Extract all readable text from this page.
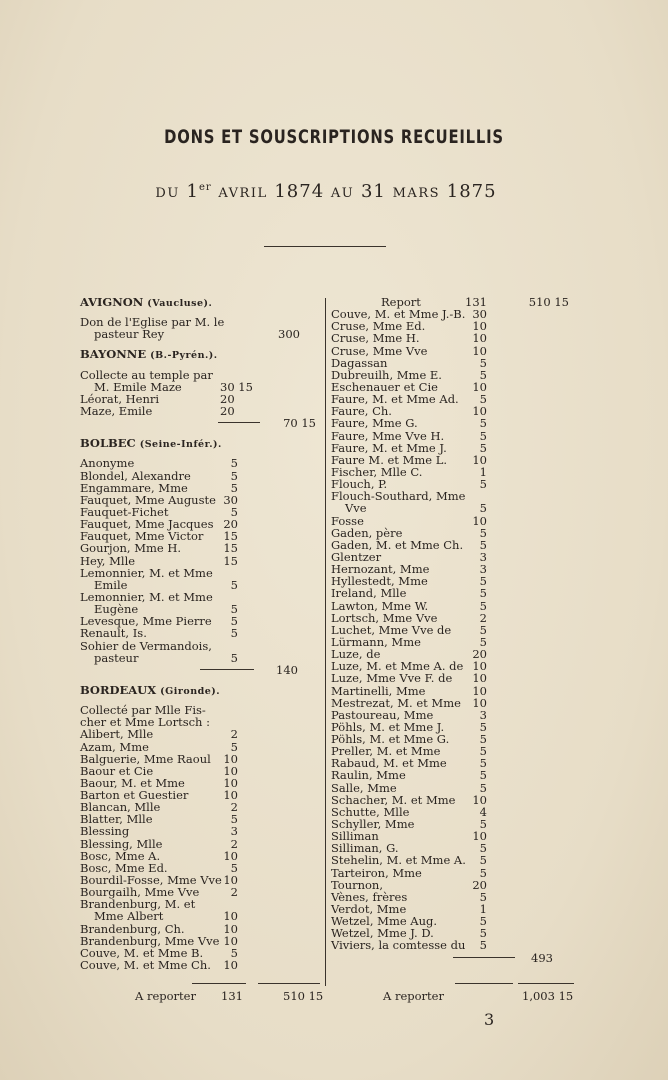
DONS ET SOUSCRIPTIONS RECUEILLIS
DU 1er AVRIL 1874 AU 31 MARS 1875
AVIGNON (Vaucluse).
Don de l'Eglise par M. le
pasteur Rey	300
BAYONNE (B.-Pyrén.).
Collecte au temple par
M. Emile Maze	30 15
Léorat, Henri	20
Maze, Emile	20
70 15
BOLBEC (Seine-Infér.).
Anonyme	5
Blondel, Alexandre	5
Engammare, Mme	5
Fauquet, Mme Auguste 30
Fauquet-Fichet	5
Fauquet, Mme Jacques 20
Fauquet, Mme Victor	15
Gourjon, Mme H.	15
Hey, Mlle	15
Lemonnier, M. et Mme
Emile	5
Lemonnier, M. et Mme
Eugène	5
Levesque, Mme Pierre	5
Renault, Is.	5
Sohier de Vermandois,
pasteur	5
140
BORDEAUX (Gironde).
Collecté par Mlle Fis-
cher et Mme Lortsch :
Alibert, Mlle	2
Azam, Mme	5
Balguerie, Mme Raoul	10
Baour et Cie	10
Baour, M. et Mme	10
Barton et Guestier	10
Blancan, Mlle	2
Blatter, Mlle	5
Blessing	3
Blessing, Mlle	2
Bosc, Mme A.	10
Bosc, Mme Ed.	5
Bourdil-Fosse, Mme Vve 10
Bourgailh, Mme Vve	2
Brandenburg, M. et
Mme Albert	10
Brandenburg, Ch.	10
Brandenburg, Mme Vve 10
Couve, M. et Mme B.	5
Couve, M. et Mme Ch.	10
A reporter 131	510 15
Report	131	510 15
Couve, M. et Mme J.-B. 30
Cruse, Mme Ed.	10
Cruse, Mme H.	10
Cruse, Mme Vve	10
Dagassan	5
Dubreuilh, Mme E.	5
Eschenauer et Cie	10
Faure, M. et Mme Ad.	5
Faure, Ch.	10
Faure, Mme G.	5
Faure, Mme Vve H.	5
Faure, M. et Mme J.	5
Faure M. et Mme L.	10
Fischer, Mlle C.	1
Flouch, P.	5
Flouch-Southard, Mme
Vve	5
Fosse	10
Gaden, père	5
Gaden, M. et Mme Ch.	5
Glentzer	3
Hernozant, Mme	3
Hyllestedt, Mme	5
Ireland, Mlle	5
Lawton, Mme W.	5
Lortsch, Mme Vve	2
Luchet, Mme Vve de	5
Lürmann, Mme	5
Luze, de	20
Luze, M. et Mme A. de 10
Luze, Mme Vve F. de	10
Martinelli, Mme	10
Mestrezat, M. et Mme 10
Pastoureau, Mme	3
Pöhls, M. et Mme J.	5
Pöhls, M. et Mme G.	5
Preller, M. et Mme	5
Rabaud, M. et Mme	5
Raulin, Mme	5
Salle, Mme	5
Schacher, M. et Mme	10
Schutte, Mlle	4
Schyller, Mme	5
Silliman	10
Silliman, G.	5
Stehelin, M. et Mme A.	5
Tarteiron, Mme	5
Tournon,	20
Vènes, frères	5
Verdot, Mme	1
Wetzel, Mme Aug.	5
Wetzel, Mme J. D.	5
Viviers, la comtesse du	5
493
A reporter	1,003 15
3
